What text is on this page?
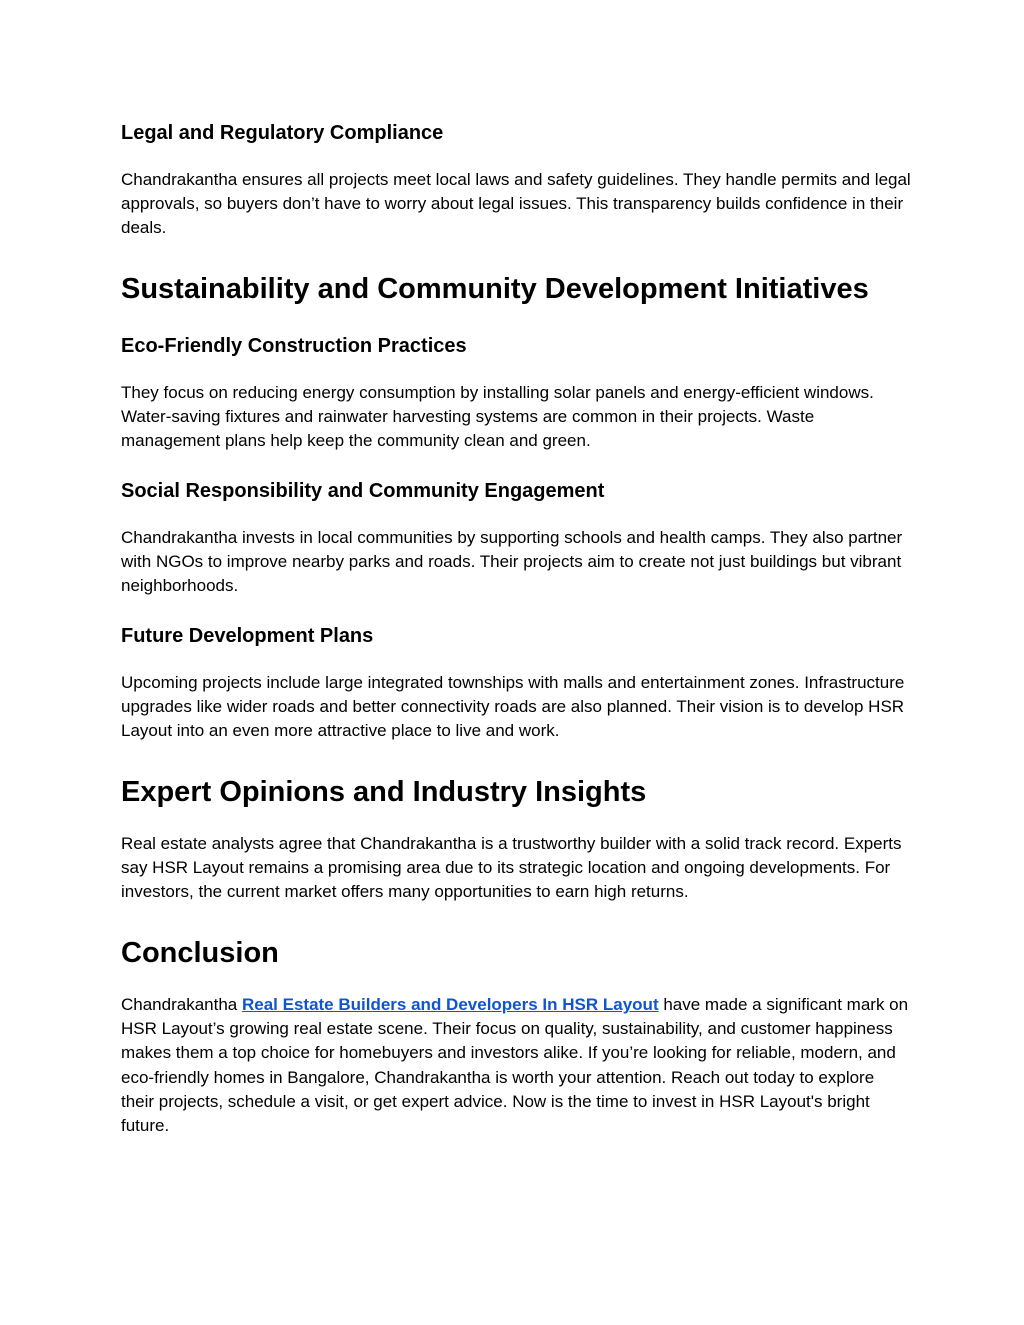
Legal and Regulatory Compliance

Chandrakantha ensures all projects meet local laws and safety guidelines. They handle permits and legal approvals, so buyers don’t have to worry about legal issues. This transparency builds confidence in their deals.

Sustainability and Community Development Initiatives
Eco-Friendly Construction Practices

They focus on reducing energy consumption by installing solar panels and energy-efficient windows. Water-saving fixtures and rainwater harvesting systems are common in their projects. Waste management plans help keep the community clean and green.

Social Responsibility and Community Engagement

Chandrakantha invests in local communities by supporting schools and health camps. They also partner with NGOs to improve nearby parks and roads. Their projects aim to create not just buildings but vibrant neighborhoods.

Future Development Plans

Upcoming projects include large integrated townships with malls and entertainment zones. Infrastructure upgrades like wider roads and better connectivity roads are also planned. Their vision is to develop HSR Layout into an even more attractive place to live and work.

Expert Opinions and Industry Insights

Real estate analysts agree that Chandrakantha is a trustworthy builder with a solid track record. Experts say HSR Layout remains a promising area due to its strategic location and ongoing developments. For investors, the current market offers many opportunities to earn high returns.

Conclusion

Chandrakantha Real Estate Builders and Developers In HSR Layout have made a significant mark on HSR Layout’s growing real estate scene. Their focus on quality, sustainability, and customer happiness makes them a top choice for homebuyers and investors alike. If you’re looking for reliable, modern, and eco-friendly homes in Bangalore, Chandrakantha is worth your attention. Reach out today to explore their projects, schedule a visit, or get expert advice. Now is the time to invest in HSR Layout's bright future.
